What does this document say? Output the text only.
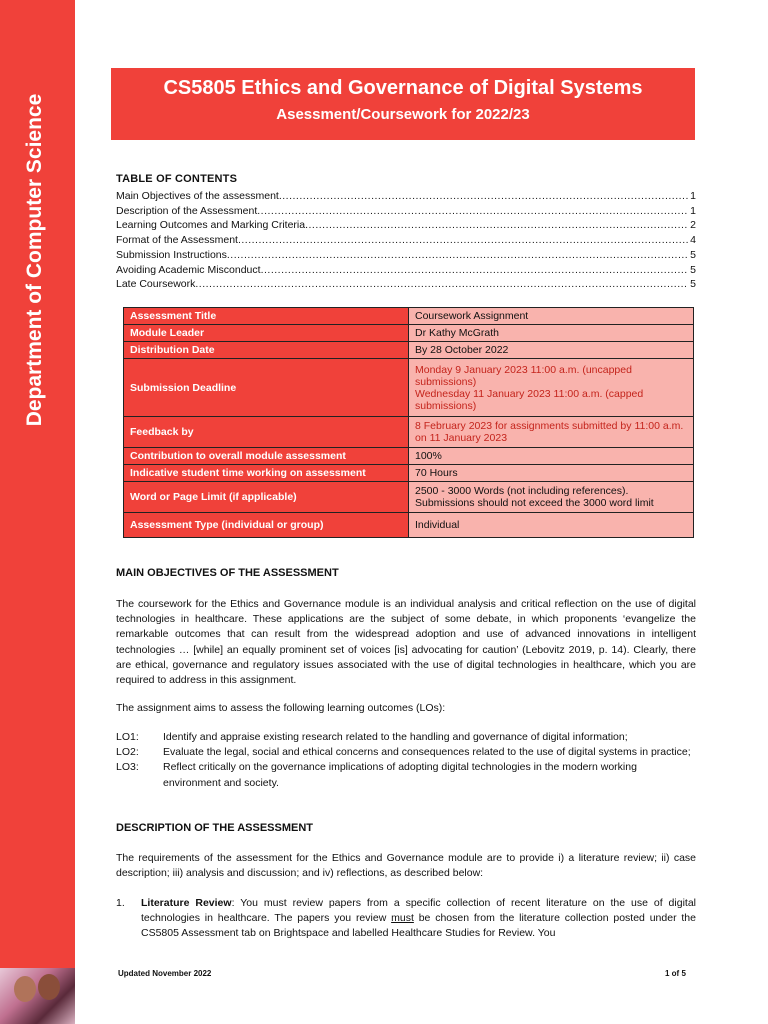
Department of Computer Science
CS5805 Ethics and Governance of Digital Systems
Asessment/Coursework for 2022/23
TABLE OF CONTENTS
Main Objectives of the assessment .....	1
Description of the Assessment .....	1
Learning Outcomes and Marking Criteria .....	2
Format of the Assessment .....	4
Submission Instructions .....	5
Avoiding Academic Misconduct .....	5
Late Coursework .....	5
Assessment Title	Coursework Assignment
Module Leader	Dr Kathy McGrath
Distribution Date	By 28 October 2022
Submission Deadline	Monday 9 January 2023 11:00 a.m. (uncapped submissions)
Wednesday 11 January 2023 11:00 a.m. (capped submissions)

Feedback by	8 February 2023 for assignments submitted by 11:00 a.m. on 11 January 2023
Contribution to overall module assessment	100%
Indicative student time working on assessment	70 Hours
Word or Page Limit (if applicable)	2500 - 3000 Words (not including references).
Submissions should not exceed the 3000 word limit

Assessment Type (individual or group)	Individual
MAIN OBJECTIVES OF THE ASSESSMENT
The coursework for the Ethics and Governance module is an individual analysis and critical reflection on the use of digital technologies in healthcare. These applications are the subject of some debate, in which proponents ‘evangelize the remarkable outcomes that can result from the widespread adoption and use of advanced innovations in intelligent technologies … [while] an equally prominent set of voices [is] advocating for caution’ (Lebovitz 2019, p. 14). Clearly, there are ethical, governance and regulatory issues associated with the use of digital technologies in healthcare, which you are required to address in this assignment.
The assignment aims to assess the following learning outcomes (LOs):
LO1:	Identify and appraise existing research related to the handling and governance of digital information;
LO2:	Evaluate the legal, social and ethical concerns and consequences related to the use of digital systems in practice;
LO3:	Reflect critically on the governance implications of adopting digital technologies in the modern working environment and society.
DESCRIPTION OF THE ASSESSMENT
The requirements of the assessment for the Ethics and Governance module are to provide i) a literature review; ii) case description; iii) analysis and discussion; and iv) reflections, as described below:
1.	Literature Review: You must review papers from a specific collection of recent literature on the use of digital technologies in healthcare. The papers you review must be chosen from the literature collection posted under the CS5805 Assessment tab on Brightspace and labelled Healthcare Studies for Review. You
Updated November 2022	1 of 5
